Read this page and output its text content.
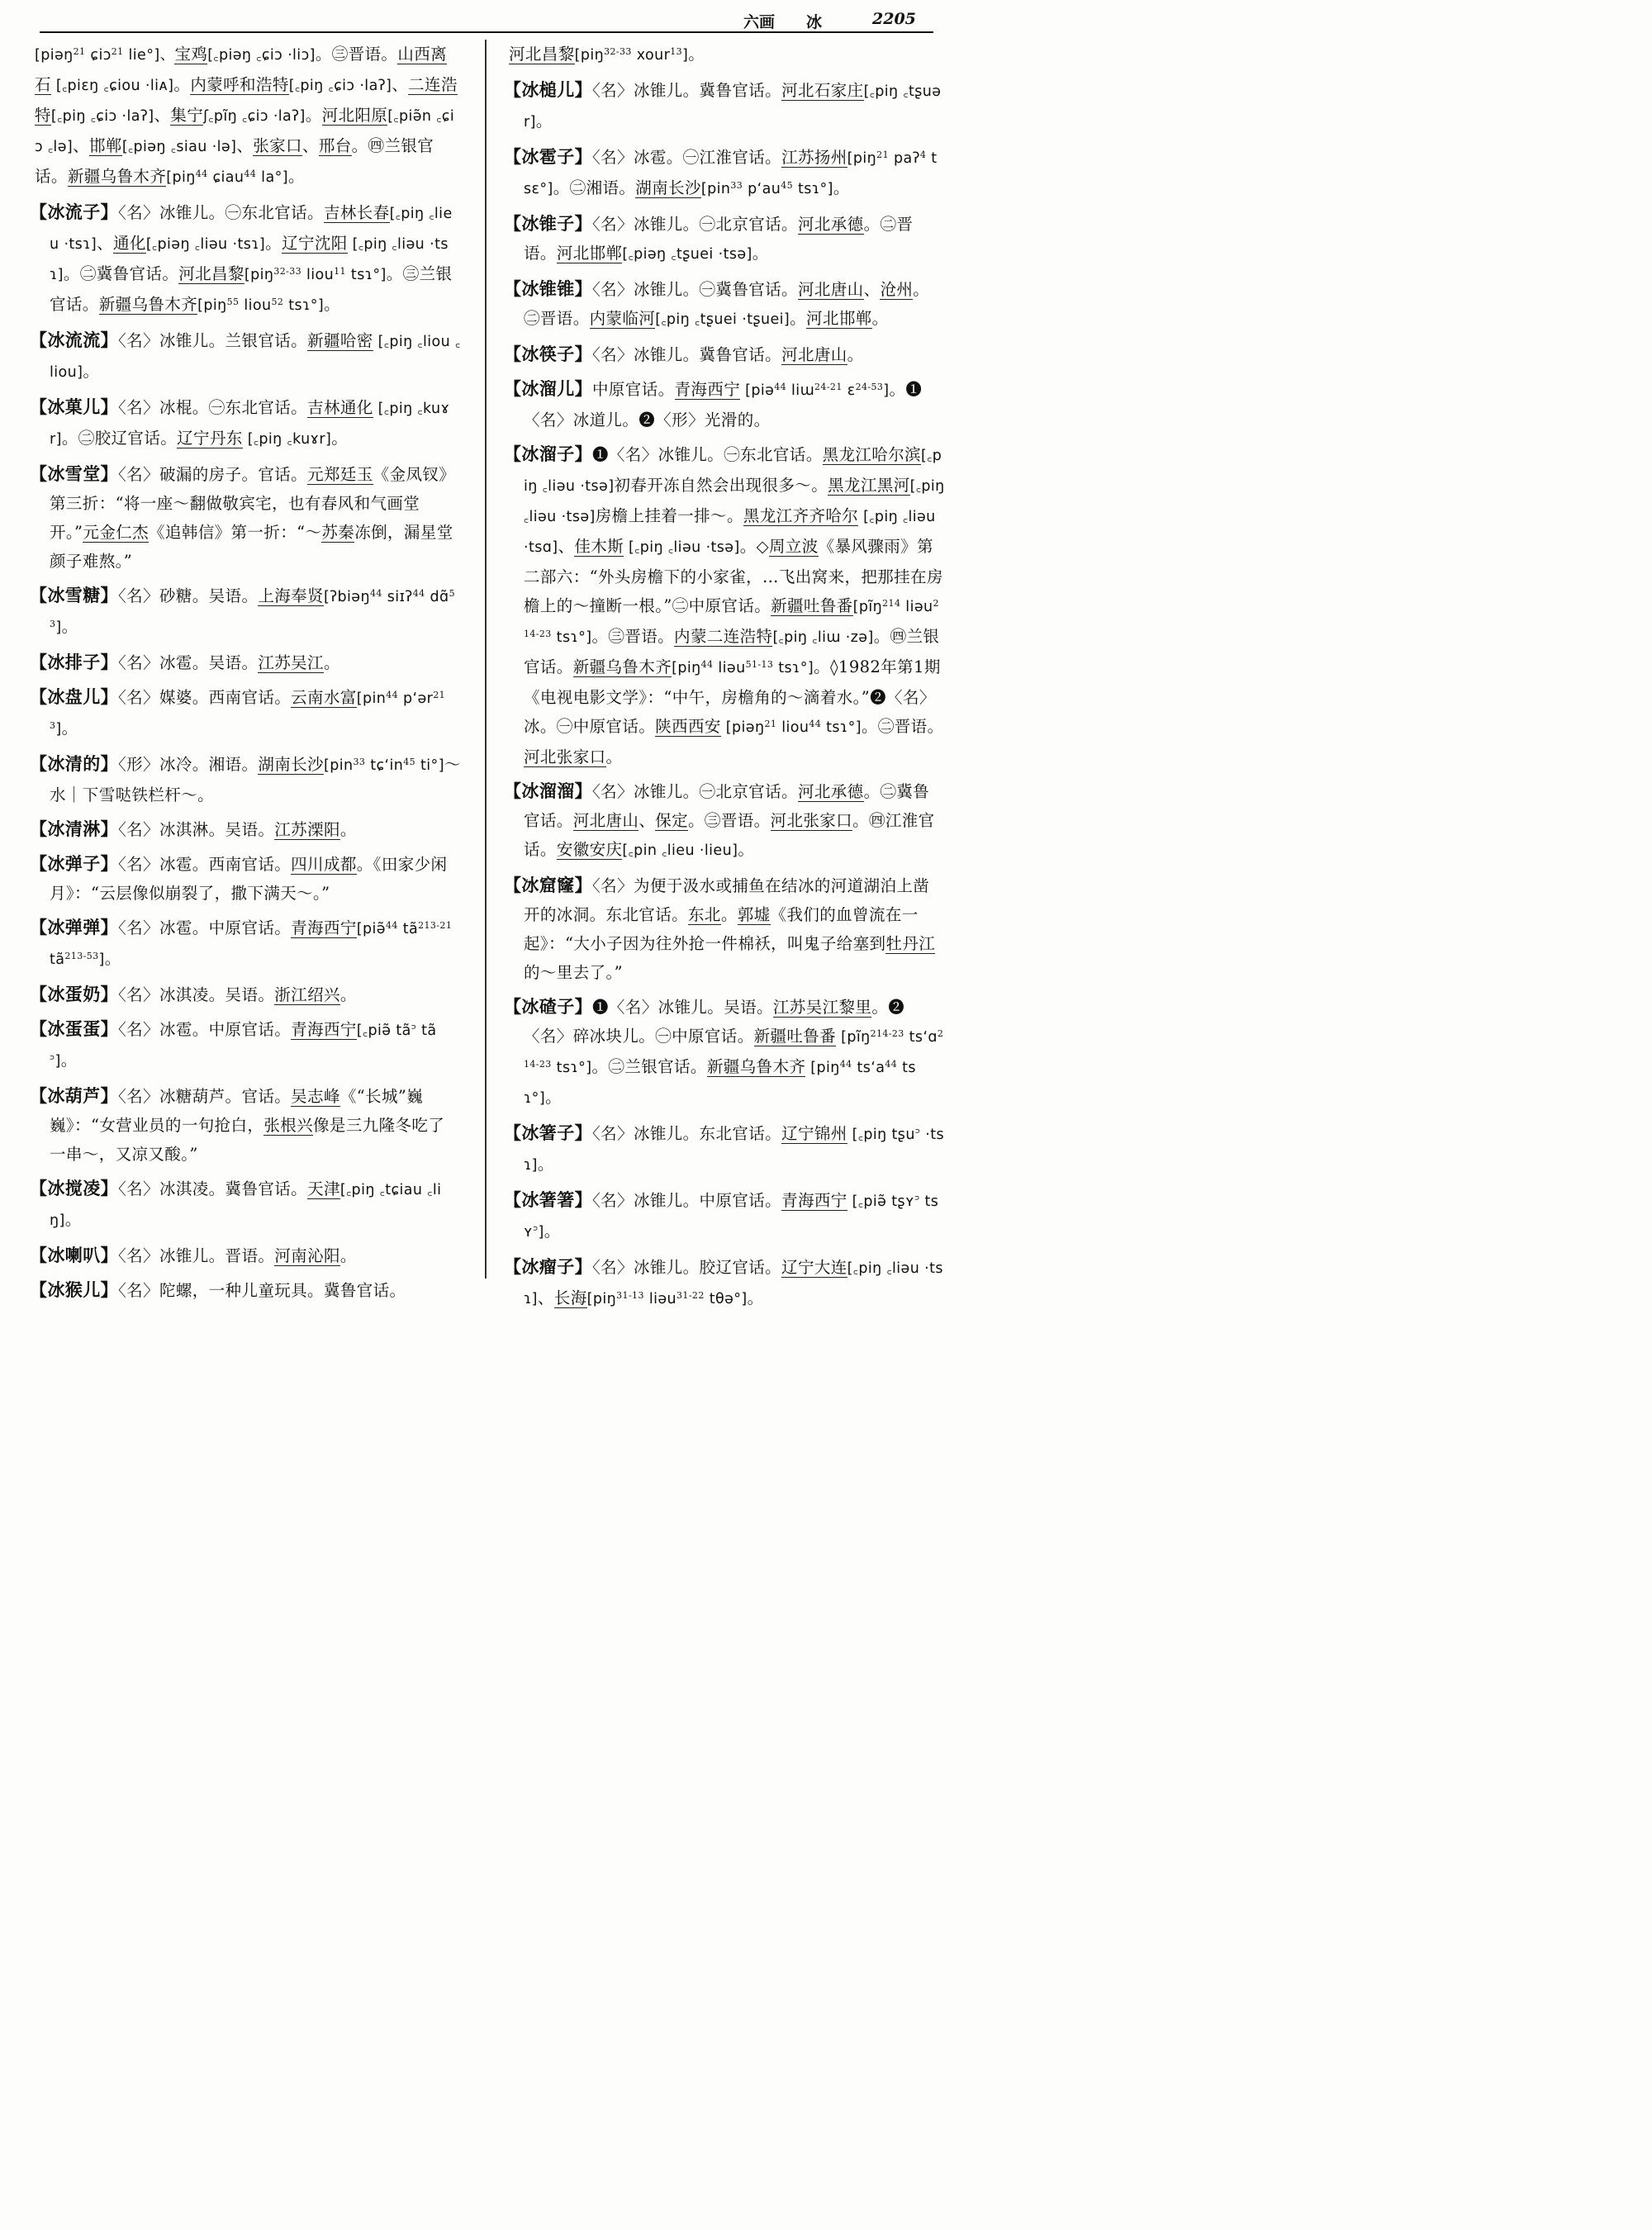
六画 冰	2205
[piəŋ$^{21}$ ɕiɔ$^{21}$ lie°]、宝鸡[꜀piəŋ ꜀ɕiɔ ·liɔ]。㊂晋语。山西离石 [꜀piɛŋ ꜀ɕiou ·liᴀ]。内蒙呼和浩特[꜀piŋ ꜀ɕiɔ ·laʔ]、二连浩特[꜀piŋ ꜀ɕiɔ ·laʔ]、集宁ʃ꜀pĩŋ ꜀ɕiɔ ·laʔ]。河北阳原[꜀piə̃n ꜀ɕiɔ ꜀lə]、邯郸[꜀piəŋ ꜀siau ·lə]、张家口、邢台。㊃兰银官话。新疆乌鲁木齐[piŋ$^{44}$ ɕiau$^{44}$ la°]。
【冰流子】〈名〉冰锥儿。㊀东北官话。吉林长春[꜀piŋ ꜀lieu ·tsɿ]、通化[꜀piəŋ ꜀liəu ·tsɿ]。辽宁沈阳 [꜀piŋ ꜀liəu ·tsɿ]。㊁冀鲁官话。河北昌黎[piŋ$^{32-33}$ liou$^{11}$ tsɿ°]。㊂兰银官话。新疆乌鲁木齐[piŋ$^{55}$ liou$^{52}$ tsɿ°]。
【冰流流】〈名〉冰锥儿。兰银官话。新疆哈密 [꜀piŋ ꜀liou ꜀liou]。
【冰菓儿】〈名〉冰棍。㊀东北官话。吉林通化 [꜀piŋ ꜀kuɤr]。㊁胶辽官话。辽宁丹东 [꜀piŋ ꜀kuɤr]。
【冰雪堂】〈名〉破漏的房子。官话。元郑廷玉《金凤钗》第三折：“将一座～翻做敬宾宅，也有春风和气画堂开。”元金仁杰《追韩信》第一折：“～苏秦冻倒，漏星堂颜子难熬。”
【冰雪糖】〈名〉砂糖。吴语。上海奉贤[ʔbiəŋ$^{44}$ siɪʔ$^{44}$ dɑ̃$^{53}$]。
【冰排子】〈名〉冰雹。吴语。江苏吴江。
【冰盘儿】〈名〉媒婆。西南官话。云南水富[pin$^{44}$ p‘ər$^{213}$]。
【冰清的】〈形〉冰冷。湘语。湖南长沙[pin$^{33}$ $tɕ‘in^{45}$ ti°]～水｜下雪哒铁栏杆～。
【冰清淋】〈名〉冰淇淋。吴语。江苏溧阳。
【冰弹子】〈名〉冰雹。西南官话。四川成都。《田家少闲月》：“云层像似崩裂了，撒下满天～。”
【冰弹弹】〈名〉冰雹。中原官话。青海西宁[piə̃$^{44}$ $tã^{213-21}$ $tã^{213-53}$]。
【冰蛋奶】〈名〉冰淇凌。吴语。浙江绍兴。
【冰蛋蛋】〈名〉冰雹。中原官话。青海西宁[꜀piə̃ tã꜄ tã꜄]。
【冰葫芦】〈名〉冰糖葫芦。官话。吴志峰《“长城”巍巍》：“女营业员的一句抢白，张根兴像是三九隆冬吃了一串～，又凉又酸。”
【冰搅凌】〈名〉冰淇凌。冀鲁官话。天津[꜀piŋ ꜀tɕiau ꜀liŋ]。
【冰喇叭】〈名〉冰锥儿。晋语。河南沁阳。
【冰猴儿】〈名〉陀螺，一种儿童玩具。冀鲁官话。
河北昌黎[piŋ$^{32-33}$ xour$^{13}$]。
【冰槌儿】〈名〉冰锥儿。冀鲁官话。河北石家庄[꜀piŋ ꜀tʂuər]。
【冰雹子】〈名〉冰雹。㊀江淮官话。江苏扬州[piŋ$^{21}$ paʔ$^4$ tsɛ°]。㊁湘语。湖南长沙[pin$^{33}$ $p‘au^{45}$ tsɿ°]。
【冰锥子】〈名〉冰锥儿。㊀北京官话。河北承德。㊁晋语。河北邯郸[꜀piəŋ ꜀tʂuei ·tsə]。
【冰锥锥】〈名〉冰锥儿。㊀冀鲁官话。河北唐山、沧州。㊁晋语。内蒙临河[꜀piŋ ꜀tʂuei ·tʂuei]。河北邯郸。
【冰筷子】〈名〉冰锥儿。冀鲁官话。河北唐山。
【冰溜儿】中原官话。青海西宁 [piə$^{44}$ liɯ$^{24-21}$ ɛ$^{24-53}$]。❶〈名〉冰道儿。❷〈形〉光滑的。
【冰溜子】❶〈名〉冰锥儿。㊀东北官话。黑龙江哈尔滨[꜀piŋ ꜀liəu ·tsə]初春开冻自然会出现很多～。黑龙江黑河[꜀piŋ ꜀liəu ·tsə]房檐上挂着一排～。黑龙江齐齐哈尔 [꜀piŋ ꜀liəu ·tsɑ]、佳木斯 [꜀piŋ ꜀liəu ·tsə]。◇周立波《暴风骤雨》第二部六：“外头房檐下的小家雀，…飞出窝来，把那挂在房檐上的～撞断一根。”㊁中原官话。新疆吐鲁番[pĩŋ$^{214}$ liəu$^{214-23}$ tsɿ°]。㊂晋语。内蒙二连浩特[꜀piŋ ꜀liɯ ·zə]。㊃兰银官话。新疆乌鲁木齐[piŋ$^{44}$ liəu$^{51-13}$ tsɿ°]。◊1982年第1期《电视电影文学》：“中午，房檐角的～滴着水。”❷〈名〉冰。㊀中原官话。陕西西安 [piəŋ$^{21}$ liou$^{44}$ tsɿ°]。㊁晋语。河北张家口。
【冰溜溜】〈名〉冰锥儿。㊀北京官话。河北承德。㊁冀鲁官话。河北唐山、保定。㊂晋语。河北张家口。㊃江淮官话。安徽安庆[꜀pin ꜀lieu ·lieu]。
【冰窟窿】〈名〉为便于汲水或捕鱼在结冰的河道湖泊上凿开的冰洞。东北官话。东北。郭墟《我们的血曾流在一起》：“大小子因为往外抢一件棉袄，叫鬼子给塞到牡丹江的～里去了。”
【冰碴子】❶〈名〉冰锥儿。吴语。江苏吴江黎里。❷〈名〉碎冰块儿。㊀中原官话。新疆吐鲁番 [pĩŋ$^{214-23}$ ts‘ɑ$^{214-23}$ tsɿ°]。㊁兰银官话。新疆乌鲁木齐 [piŋ$^{44}$ $ts‘a^{44}$ tsɿ°]。
【冰箸子】〈名〉冰锥儿。东北官话。辽宁锦州 [꜀piŋ tʂu꜄ ·tsɿ]。
【冰箸箸】〈名〉冰锥儿。中原官话。青海西宁 [꜀piə̃ tʂʏ꜄ tsʏ꜄]。
【冰瘤子】〈名〉冰锥儿。胶辽官话。辽宁大连[꜀piŋ ꜀liəu ·tsɿ]、长海[piŋ$^{31-13}$ liəu$^{31-22}$ tθə°]。
